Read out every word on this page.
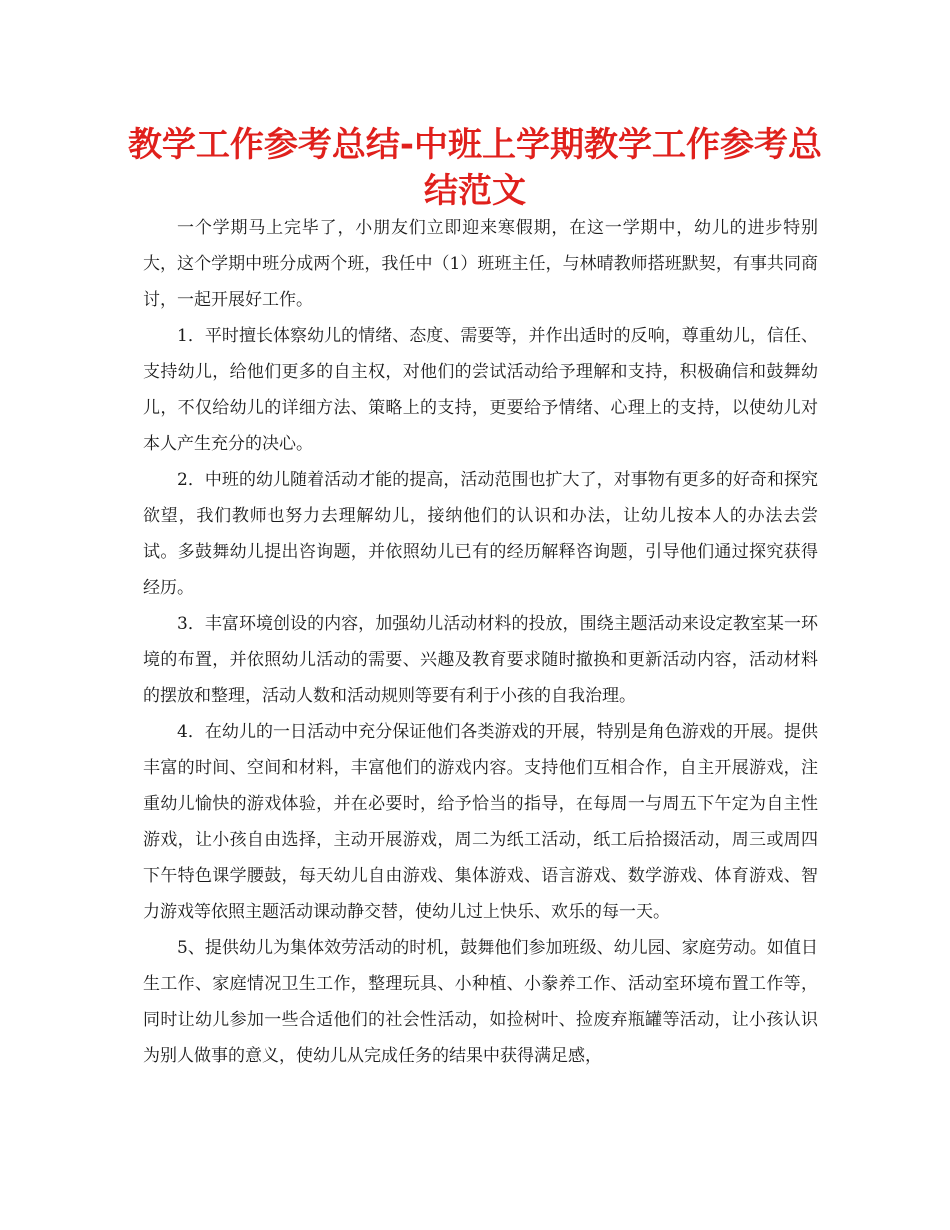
教学工作参考总结-中班上学期教学工作参考总结范文

一个学期马上完毕了，小朋友们立即迎来寒假期，在这一学期中，幼儿的进步特别大，这个学期中班分成两个班，我任中（1）班班主任，与林晴教师搭班默契，有事共同商讨，一起开展好工作。

1．平时擅长体察幼儿的情绪、态度、需要等，并作出适时的反响，尊重幼儿，信任、支持幼儿，给他们更多的自主权，对他们的尝试活动给予理解和支持，积极确信和鼓舞幼儿，不仅给幼儿的详细方法、策略上的支持，更要给予情绪、心理上的支持，以使幼儿对本人产生充分的决心。

2．中班的幼儿随着活动才能的提高，活动范围也扩大了，对事物有更多的好奇和探究欲望，我们教师也努力去理解幼儿，接纳他们的认识和办法，让幼儿按本人的办法去尝试。多鼓舞幼儿提出咨询题，并依照幼儿已有的经历解释咨询题，引导他们通过探究获得经历。

3．丰富环境创设的内容，加强幼儿活动材料的投放，围绕主题活动来设定教室某一环境的布置，并依照幼儿活动的需要、兴趣及教育要求随时撤换和更新活动内容，活动材料的摆放和整理，活动人数和活动规则等要有利于小孩的自我治理。

4．在幼儿的一日活动中充分保证他们各类游戏的开展，特别是角色游戏的开展。提供丰富的时间、空间和材料，丰富他们的游戏内容。支持他们互相合作，自主开展游戏，注重幼儿愉快的游戏体验，并在必要时，给予恰当的指导，在每周一与周五下午定为自主性游戏，让小孩自由选择，主动开展游戏，周二为纸工活动，纸工后拾掇活动，周三或周四下午特色课学腰鼓，每天幼儿自由游戏、集体游戏、语言游戏、数学游戏、体育游戏、智力游戏等依照主题活动课动静交替，使幼儿过上快乐、欢乐的每一天。

5、提供幼儿为集体效劳活动的时机，鼓舞他们参加班级、幼儿园、家庭劳动。如值日生工作、家庭情况卫生工作，整理玩具、小种植、小豢养工作、活动室环境布置工作等，同时让幼儿参加一些合适他们的社会性活动，如捡树叶、捡废弃瓶罐等活动，让小孩认识为别人做事的意义，使幼儿从完成任务的结果中获得满足感，
